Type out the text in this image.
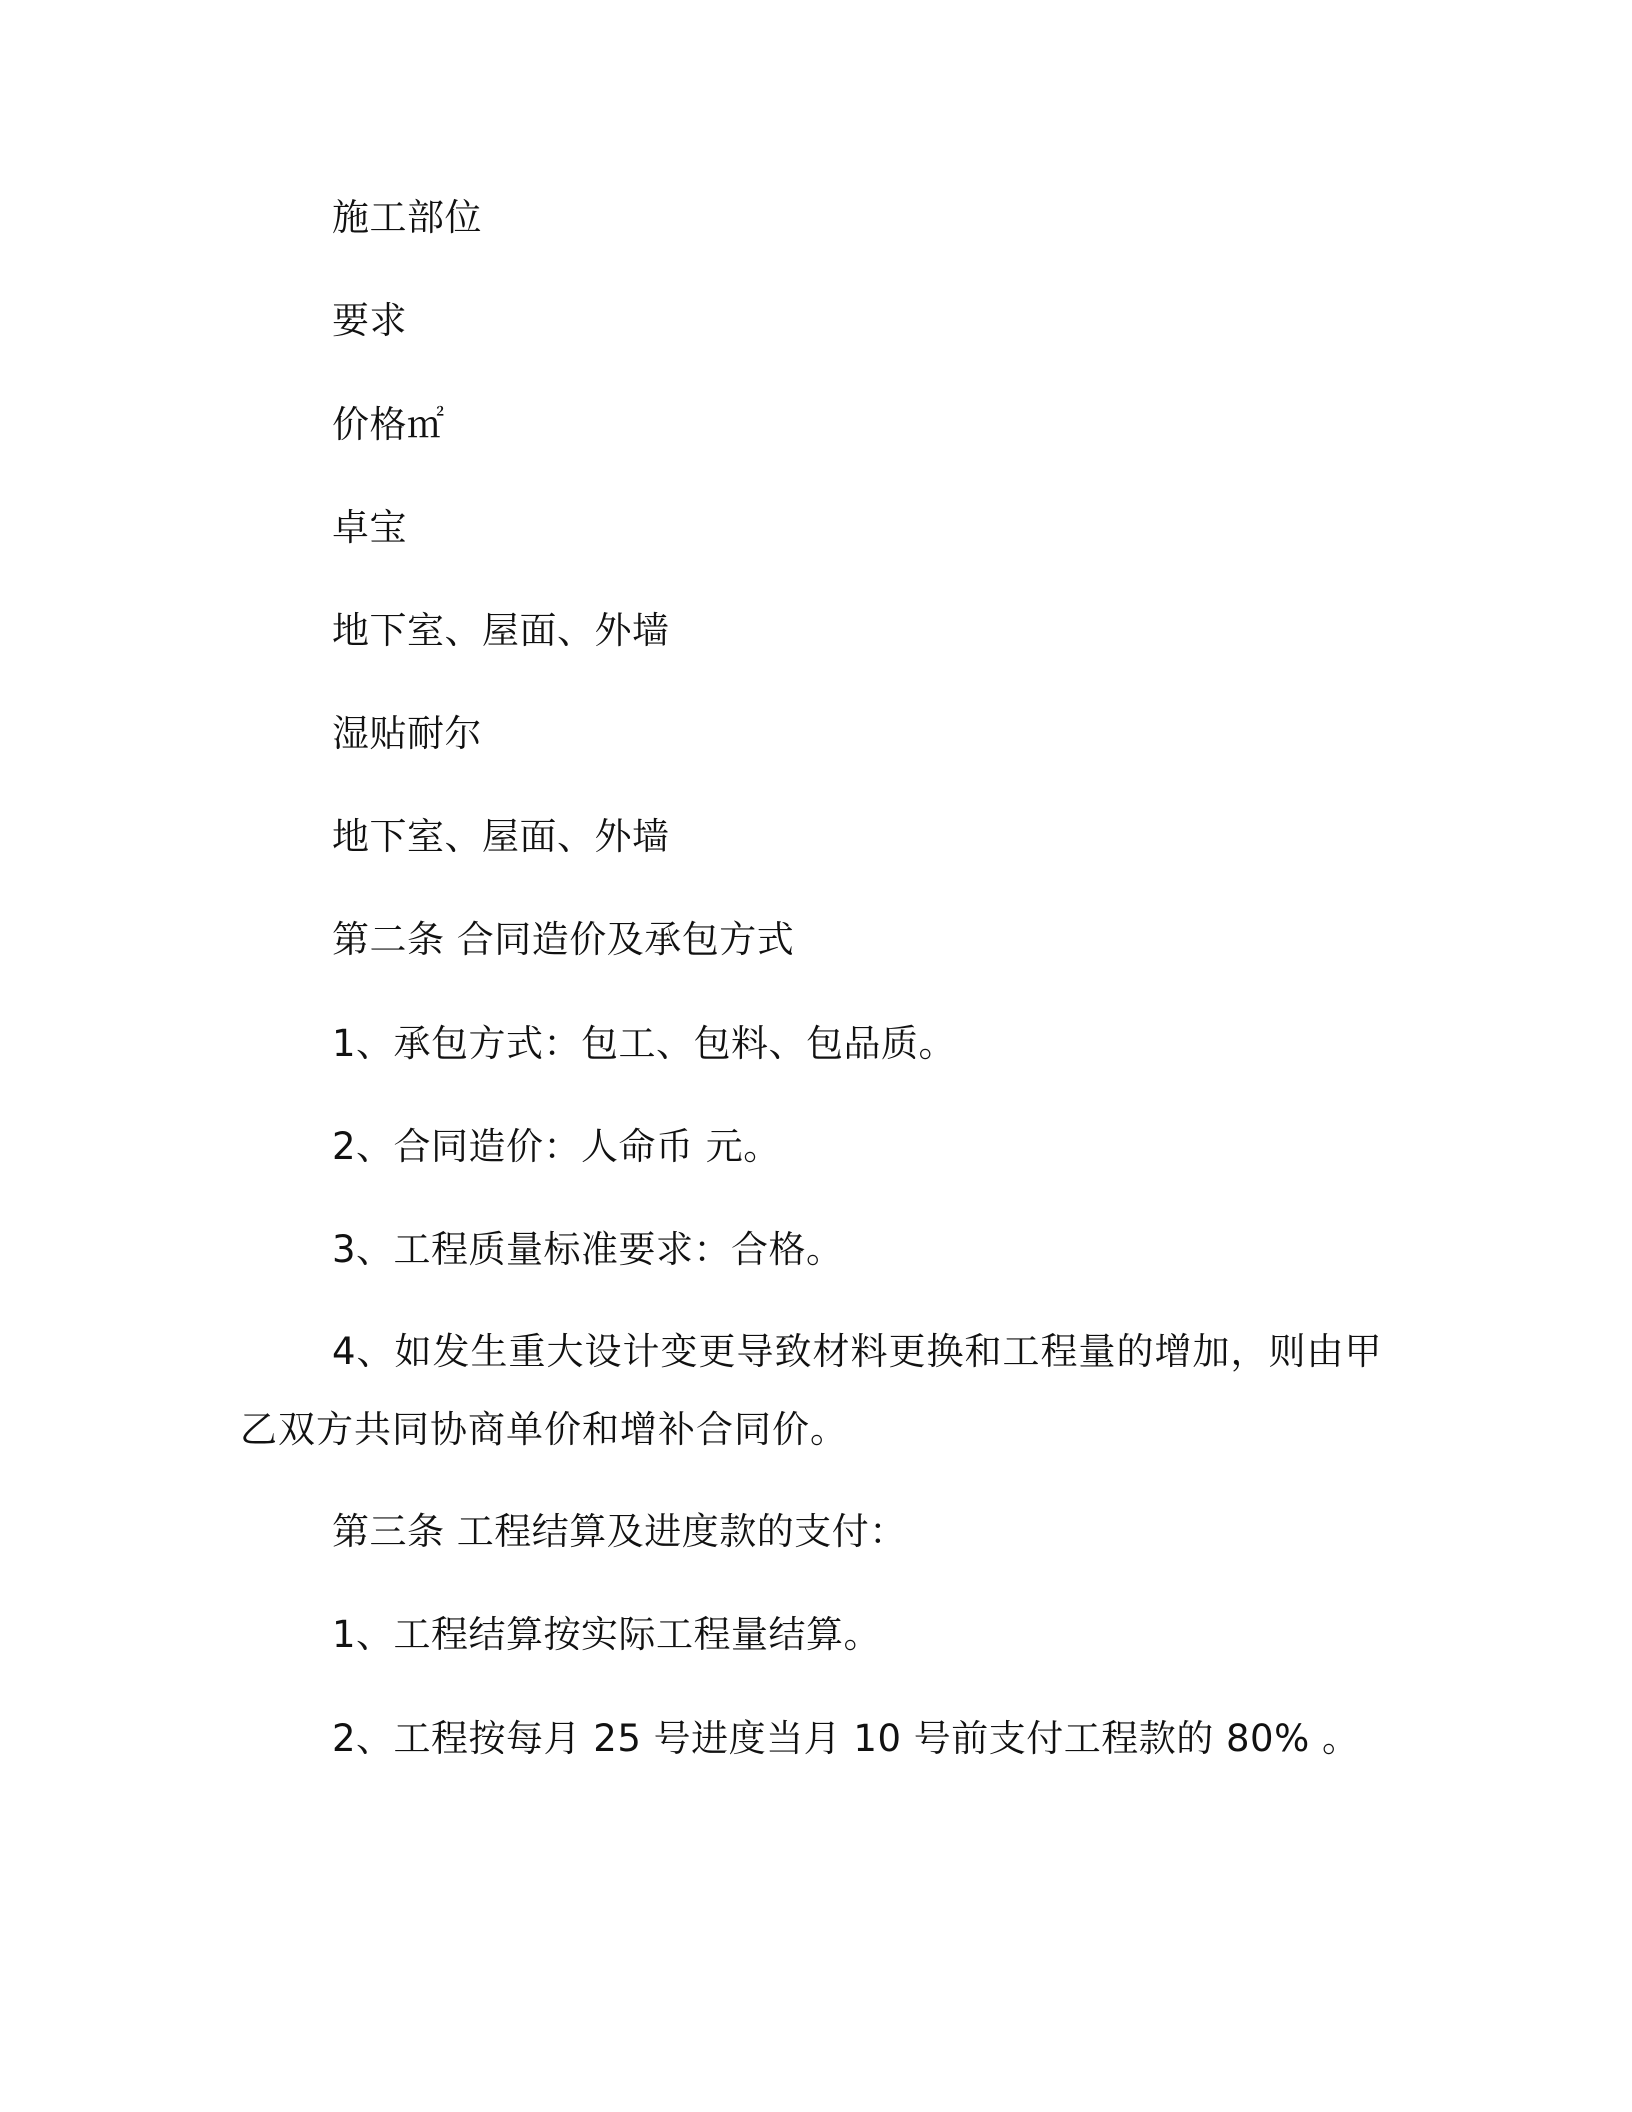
施工部位
要求
价格㎡
卓宝
地下室、屋面、外墙
湿贴耐尔
地下室、屋面、外墙
第二条 合同造价及承包方式
1、承包方式：包工、包料、包品质。
2、合同造价：人命币 元。
3、工程质量标准要求：合格。
4、如发生重大设计变更导致材料更换和工程量的增加，则由甲乙双方共同协商单价和增补合同价。
第三条 工程结算及进度款的支付：
1、工程结算按实际工程量结算。
2、工程按每月 25 号进度当月 10 号前支付工程款的 80% 。
